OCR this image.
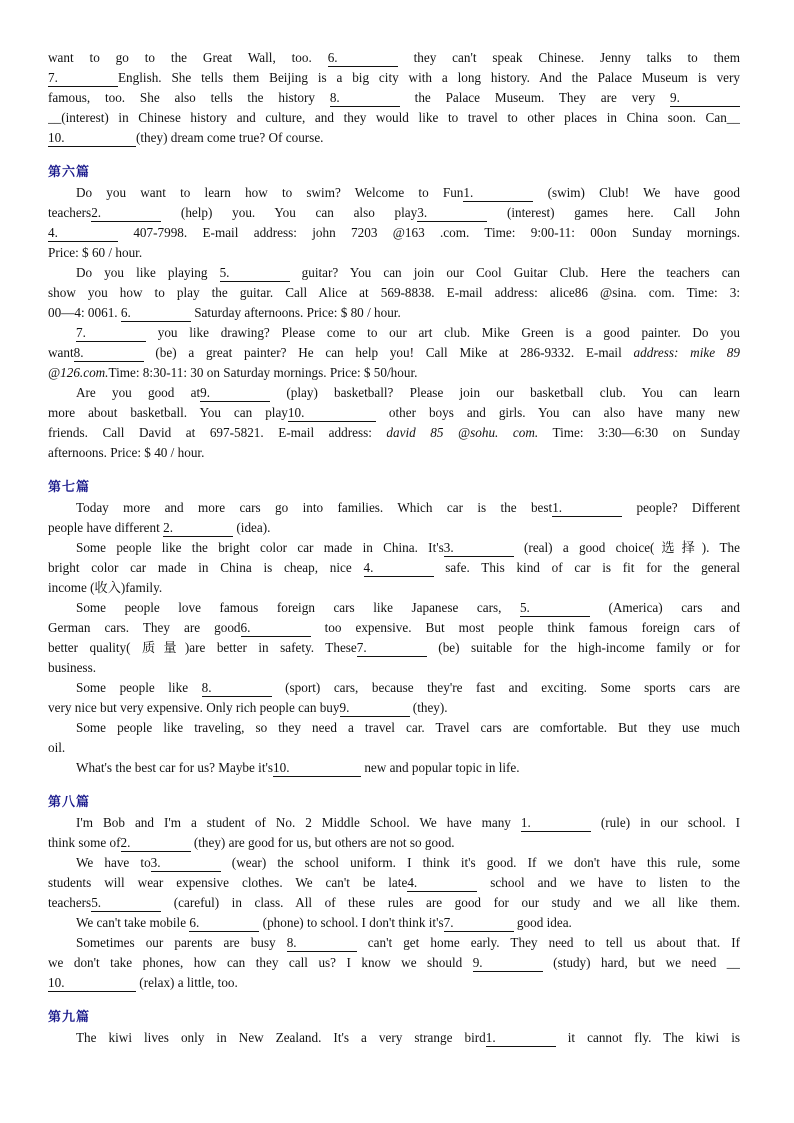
want to go to the Great Wall, too. 6.	they can't speak Chinese. Jenny talks to them
7.	English. She tells them Beijing is a big city with a long history. And the Palace Museum is very
famous, too. She also tells the history 8.	the Palace Museum. They are very 9.
__(interest) in Chinese history and culture, and they would like to travel to other places in China soon. Can__
10.	(they) dream come true? Of course.
第六篇
Do you want to learn how to swim? Welcome to Fun1.	(swim) Club! We have good
teachers2.	(help) you. You can also play3.	(interest) games here. Call John
4.	407-7998. E-mail address: john 7203 @163 .com. Time: 9:00-11: 00on Sunday mornings.
Price: $ 60 / hour.
Do you like playing 5.	guitar? You can join our Cool Guitar Club. Here the teachers can
show you how to play the guitar. Call Alice at 569-8838. E-mail address: alice86 @sina. com. Time: 3:
00—4: 0061. 6.	Saturday afternoons. Price: $ 80 / hour.
7.	you like drawing? Please come to our art club. Mike Green is a good painter. Do you
want8.	(be) a great painter? He can help you! Call Mike at 286-9332. E-mail address: mike 89
@126.com.Time: 8:30-11: 30 on Saturday mornings. Price: $ 50/hour.
Are you good at9.	(play) basketball? Please join our basketball club. You can learn
more about basketball. You can play10.	other boys and girls. You can also have many new
friends. Call David at 697-5821. E-mail address: david 85 @sohu. com. Time: 3:30—6:30 on Sunday
afternoons. Price: $ 40 / hour.
第七篇
Today more and more cars go into families. Which car is the best1.	people? Different
people have different 2.	(idea).
Some people like the bright color car made in China. It's3.	(real) a good choice(选择). The
bright color car made in China is cheap, nice 4.	safe. This kind of car is fit for the general
income (收入)family.
Some people love famous foreign cars like Japanese cars, 5.	(America) cars and
German cars. They are good6.	too expensive. But most people think famous foreign cars of
better quality( 质量)are better in safety. These7.	(be) suitable for the high-income family or for
business.
Some people like 8.	(sport) cars, because they're fast and exciting. Some sports cars are
very nice but very expensive. Only rich people can buy9.	(they).
Some people like traveling, so they need a travel car. Travel cars are comfortable. But they use much
oil.
What's the best car for us? Maybe it's10.	new and popular topic in life.
第八篇
I'm Bob and I'm a student of No. 2 Middle School. We have many 1.	(rule) in our school. I
think some of2.	(they) are good for us, but others are not so good.
We have to3.	(wear) the school uniform. I think it's good. If we don't have this rule, some
students will wear expensive clothes. We can't be late4.	school and we have to listen to the
teachers5.	(careful) in class. All of these rules are good for our study and we all like them.
We can't take mobile 6.	(phone) to school. I don't think it's7.	good idea.
Sometimes our parents are busy 8.	can't get home early. They need to tell us about that. If
we don't take phones, how can they call us? I know we should 9.	(study) hard, but we need __
10.	(relax) a little, too.
第九篇
The kiwi lives only in New Zealand. It's a very strange bird1.	it cannot fly. The kiwi is
